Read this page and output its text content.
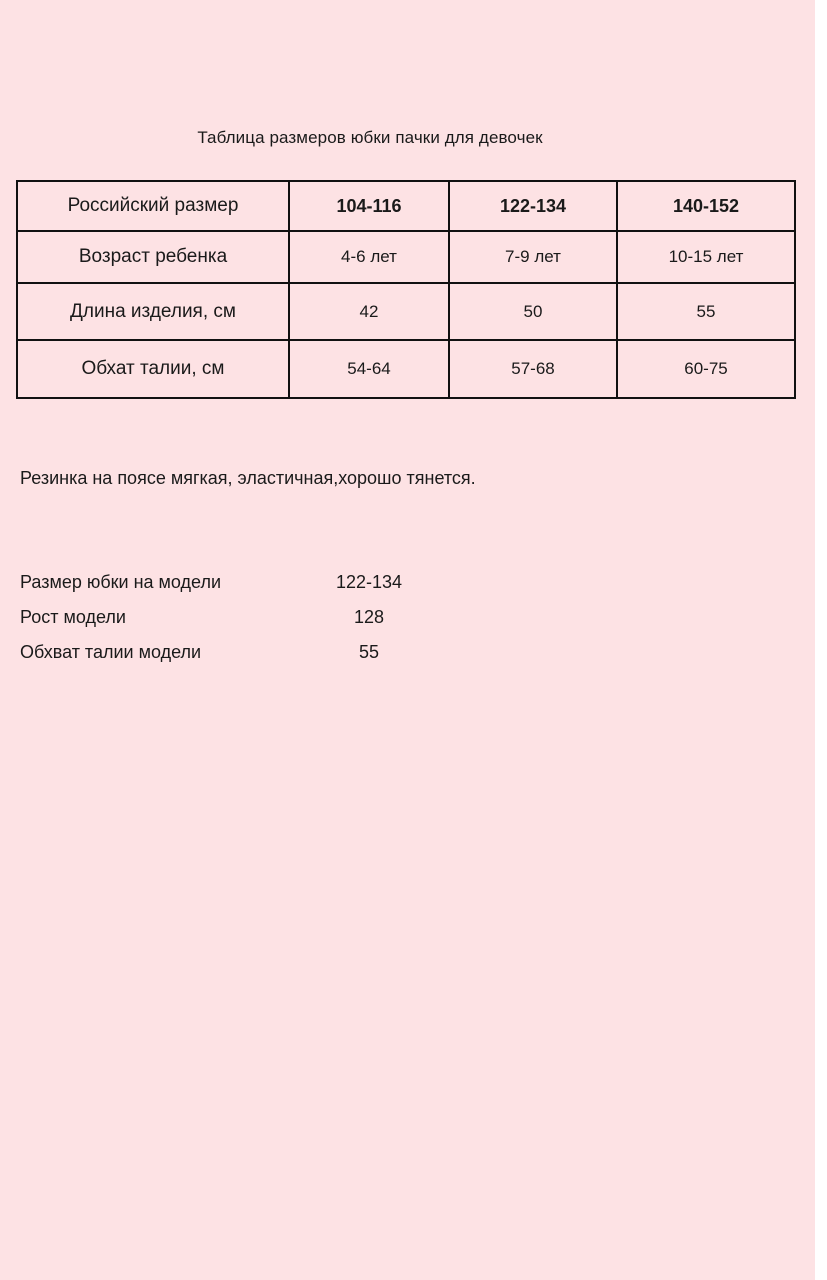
Таблица размеров юбки пачки для девочек
Российский размер	104-116	122-134	140-152
Возраст ребенка	4-6 лет	7-9 лет	10-15 лет
Длина изделия, см	42	50	55
Обхат талии, см	54-64	57-68	60-75
Резинка на поясе мягкая, эластичная,хорошо тянется.
Размер юбки на модели	122-134
Рост модели	128
Обхват талии модели	55
